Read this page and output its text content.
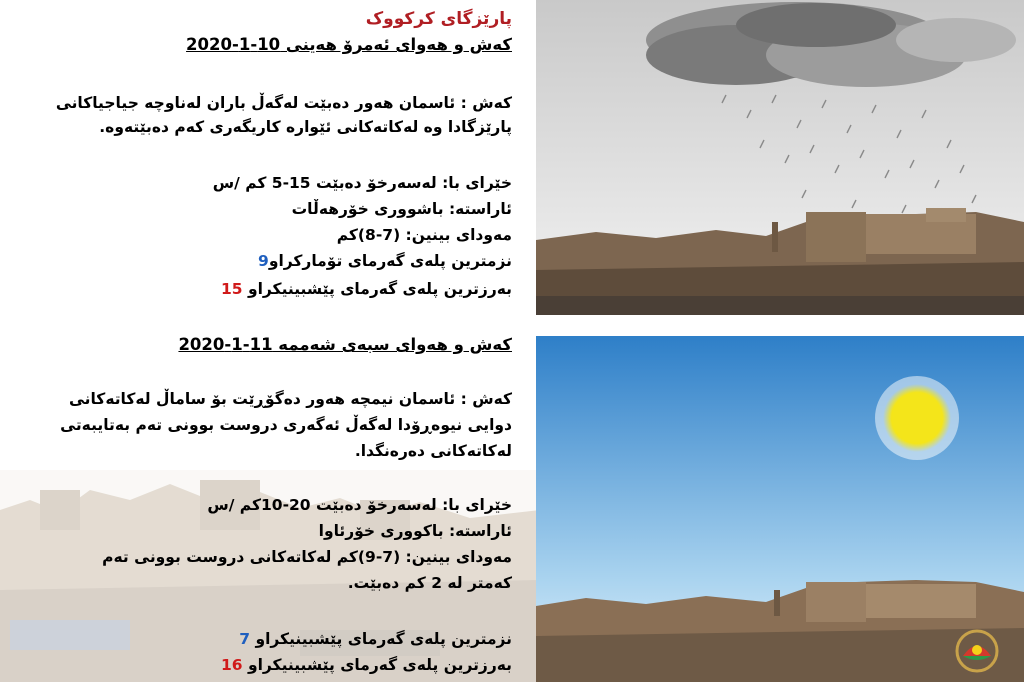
پارێزگای کرکووک
کەش و هەوای ئەمرۆ هەینی 10-1-2020
کەش : ئاسمان هەور دەبێت لەگەڵ باران لەناوچە جیاجیاکانی
پارێزگادا وە لەکاتەکانی ئێوارە کاریگەری کەم دەبێتەوە.
خێرای با: لەسەرخۆ دەبێت 15-5 کم /س
ئاراستە: باشووری خۆرهەڵات
مەودای بینین: (7-8)کم
نزمترین پلەی گەرمای تۆمارکراو9
بەرزترین پلەی گەرمای پێشبینیکراو 15
کەش و هەوای سبەی شەممە 11-1-2020
کەش : ئاسمان نیمچە هەور دەگۆڕێت بۆ ساماڵ لەکاتەکانی
دوایی نیوەڕۆدا لەگەڵ ئەگەری دروست بوونی تەم بەتایبەتی
لەکاتەکانی دەرەنگدا.
خێرای با: لەسەرخۆ دەبێت 20-10کم /س
ئاراستە: باکووری خۆرئاوا
مەودای بینین: (7-9)کم لەکاتەکانی دروست بوونی تەم
کەمتر لە 2 کم دەبێت.
نزمترین پلەی گەرمای پێشبینیکراو 7
بەرزترین پلەی گەرمای پێشبینیکراو 16
